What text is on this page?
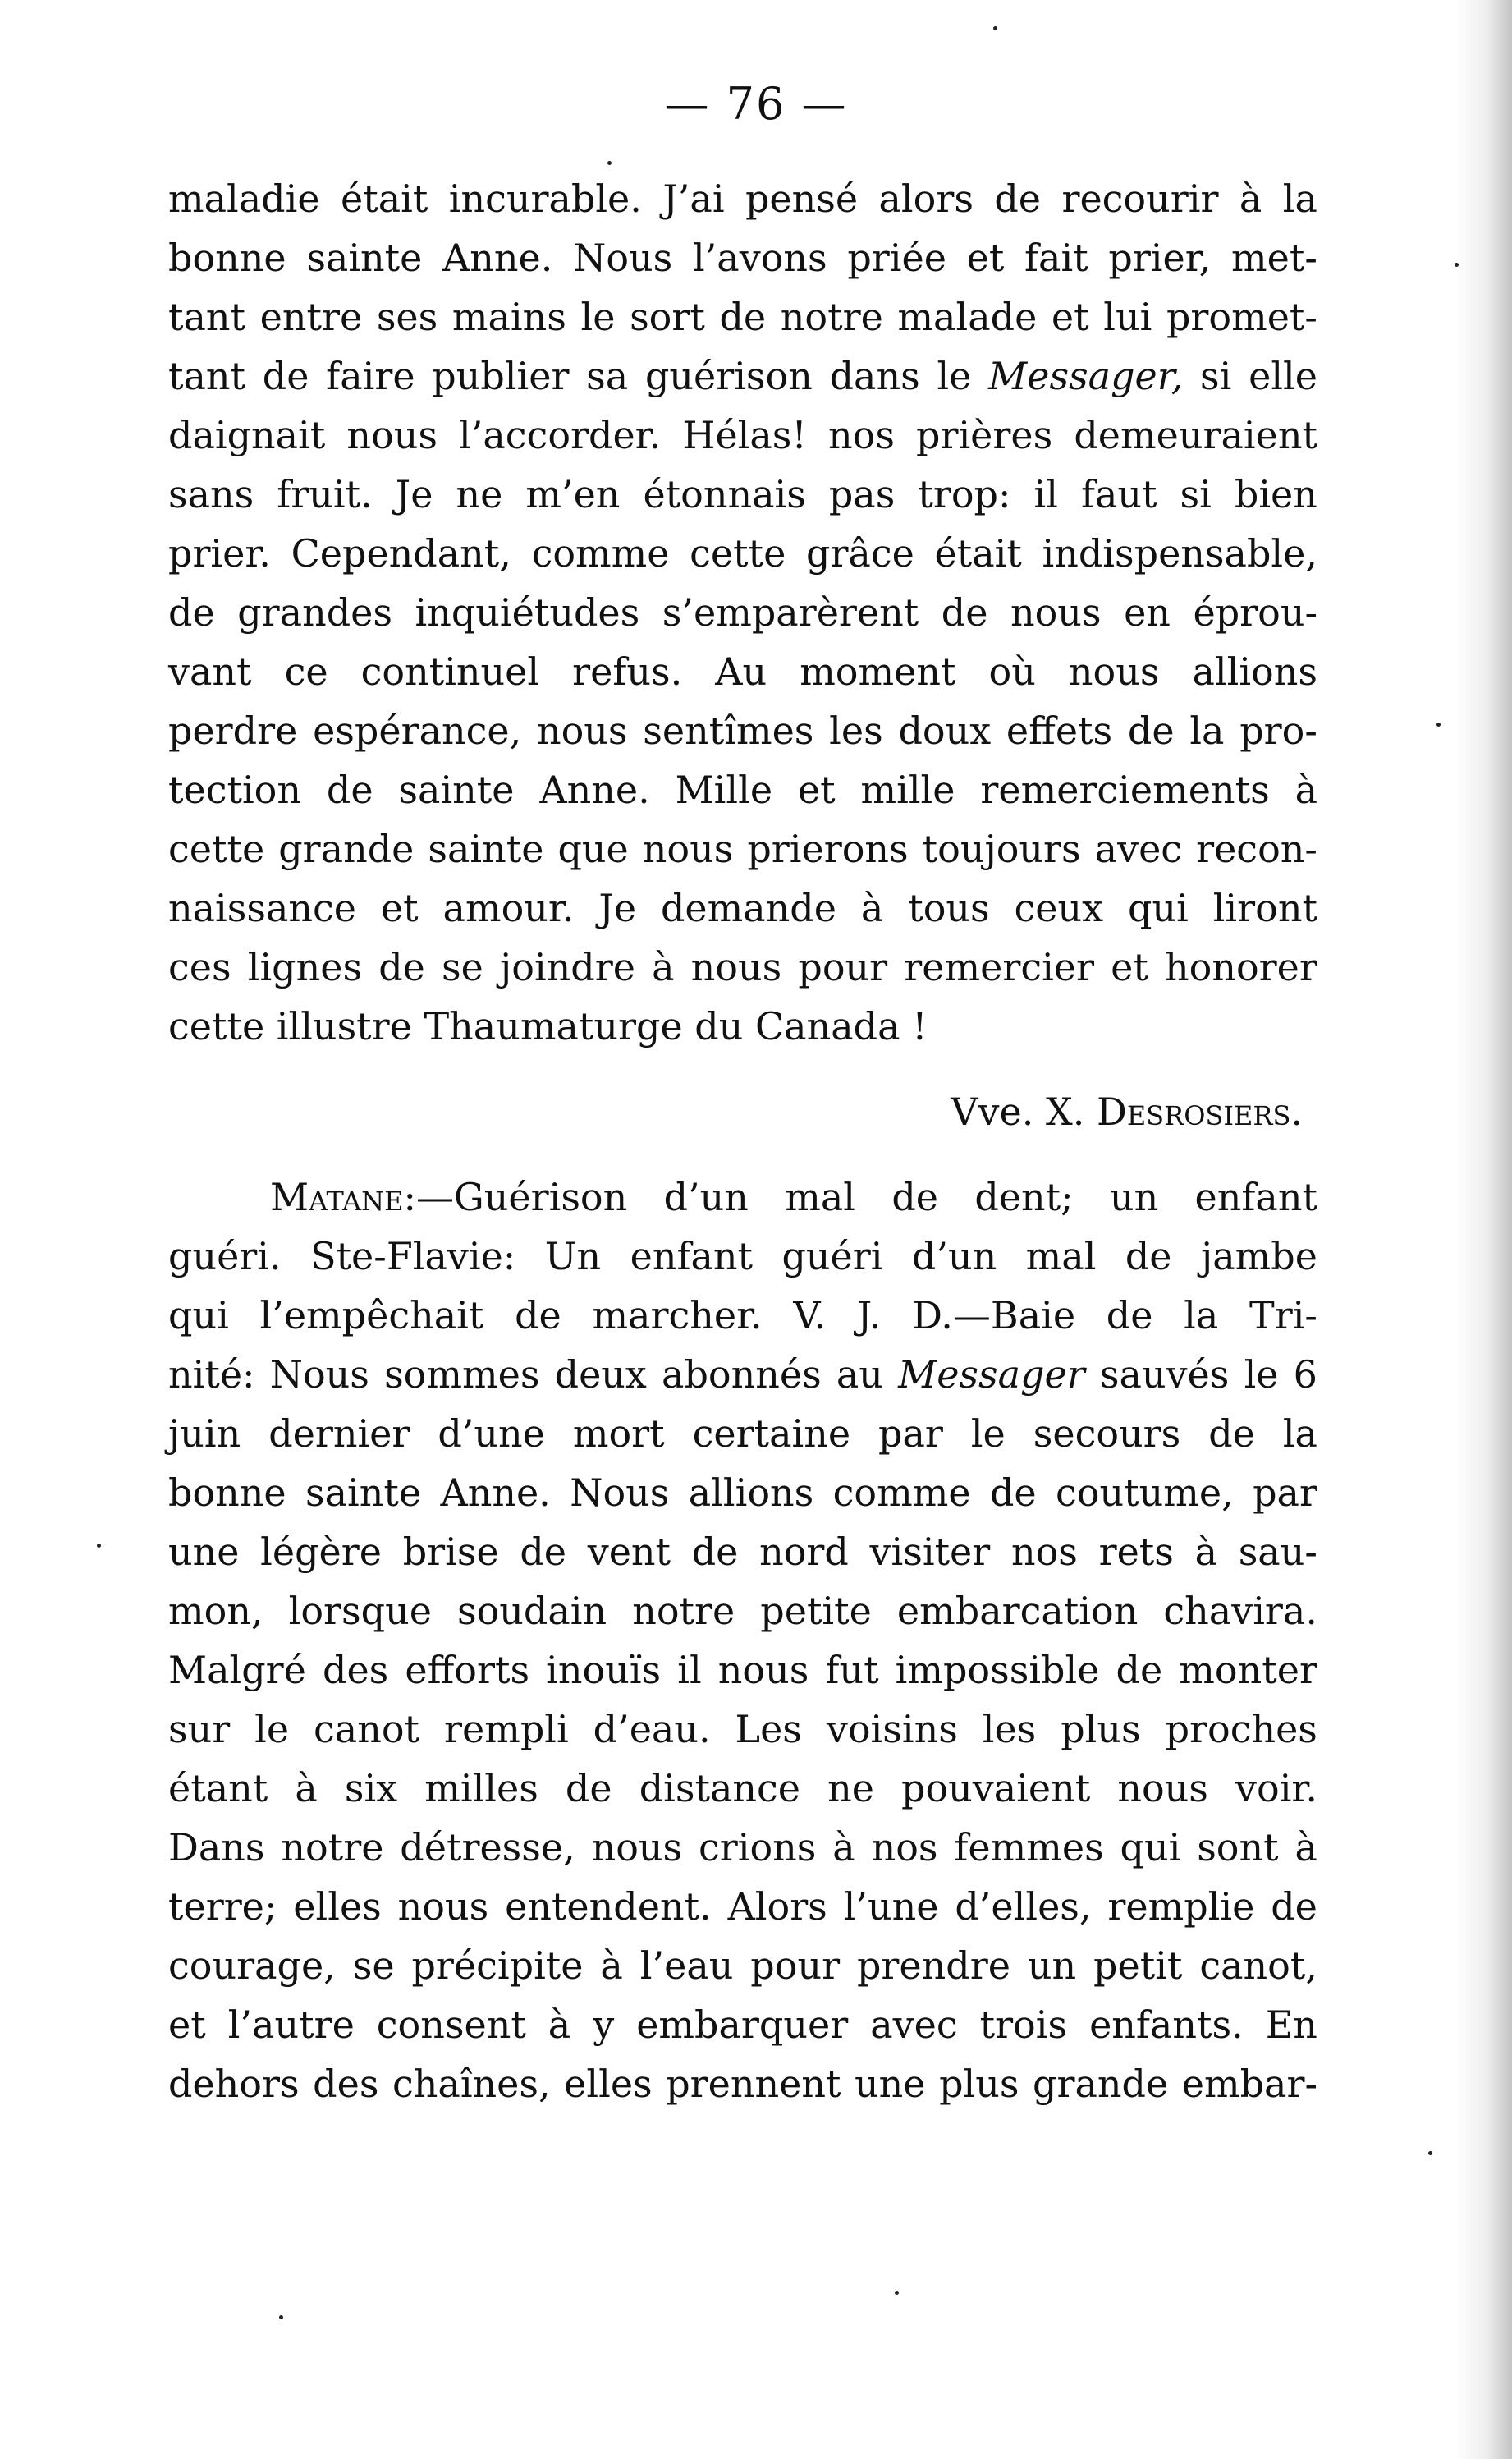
— 76 —
maladie était incurable. J’ai pensé alors de recourir à la
bonne sainte Anne. Nous l’avons priée et fait prier, met-
tant entre ses mains le sort de notre malade et lui promet-
tant de faire publier sa guérison dans le Messager, si elle
daignait nous l’accorder. Hélas! nos prières demeuraient
sans fruit. Je ne m’en étonnais pas trop: il faut si bien
prier. Cependant, comme cette grâce était indispensable,
de grandes inquiétudes s’emparèrent de nous en éprou-
vant ce continuel refus. Au moment où nous allions
perdre espérance, nous sentîmes les doux effets de la pro-
tection de sainte Anne. Mille et mille remerciements à
cette grande sainte que nous prierons toujours avec recon-
naissance et amour. Je demande à tous ceux qui liront
ces lignes de se joindre à nous pour remercier et honorer
cette illustre Thaumaturge du Canada !
Vve. X. Desrosiers.
Matane:—Guérison d’un mal de dent; un enfant
guéri. Ste-Flavie: Un enfant guéri d’un mal de jambe
qui l’empêchait de marcher. V. J. D.—Baie de la Tri-
nité: Nous sommes deux abonnés au Messager sauvés le 6
juin dernier d’une mort certaine par le secours de la
bonne sainte Anne. Nous allions comme de coutume, par
une légère brise de vent de nord visiter nos rets à sau-
mon, lorsque soudain notre petite embarcation chavira.
Malgré des efforts inouïs il nous fut impossible de monter
sur le canot rempli d’eau. Les voisins les plus proches
étant à six milles de distance ne pouvaient nous voir.
Dans notre détresse, nous crions à nos femmes qui sont à
terre; elles nous entendent. Alors l’une d’elles, remplie de
courage, se précipite à l’eau pour prendre un petit canot,
et l’autre consent à y embarquer avec trois enfants. En
dehors des chaînes, elles prennent une plus grande embar-
